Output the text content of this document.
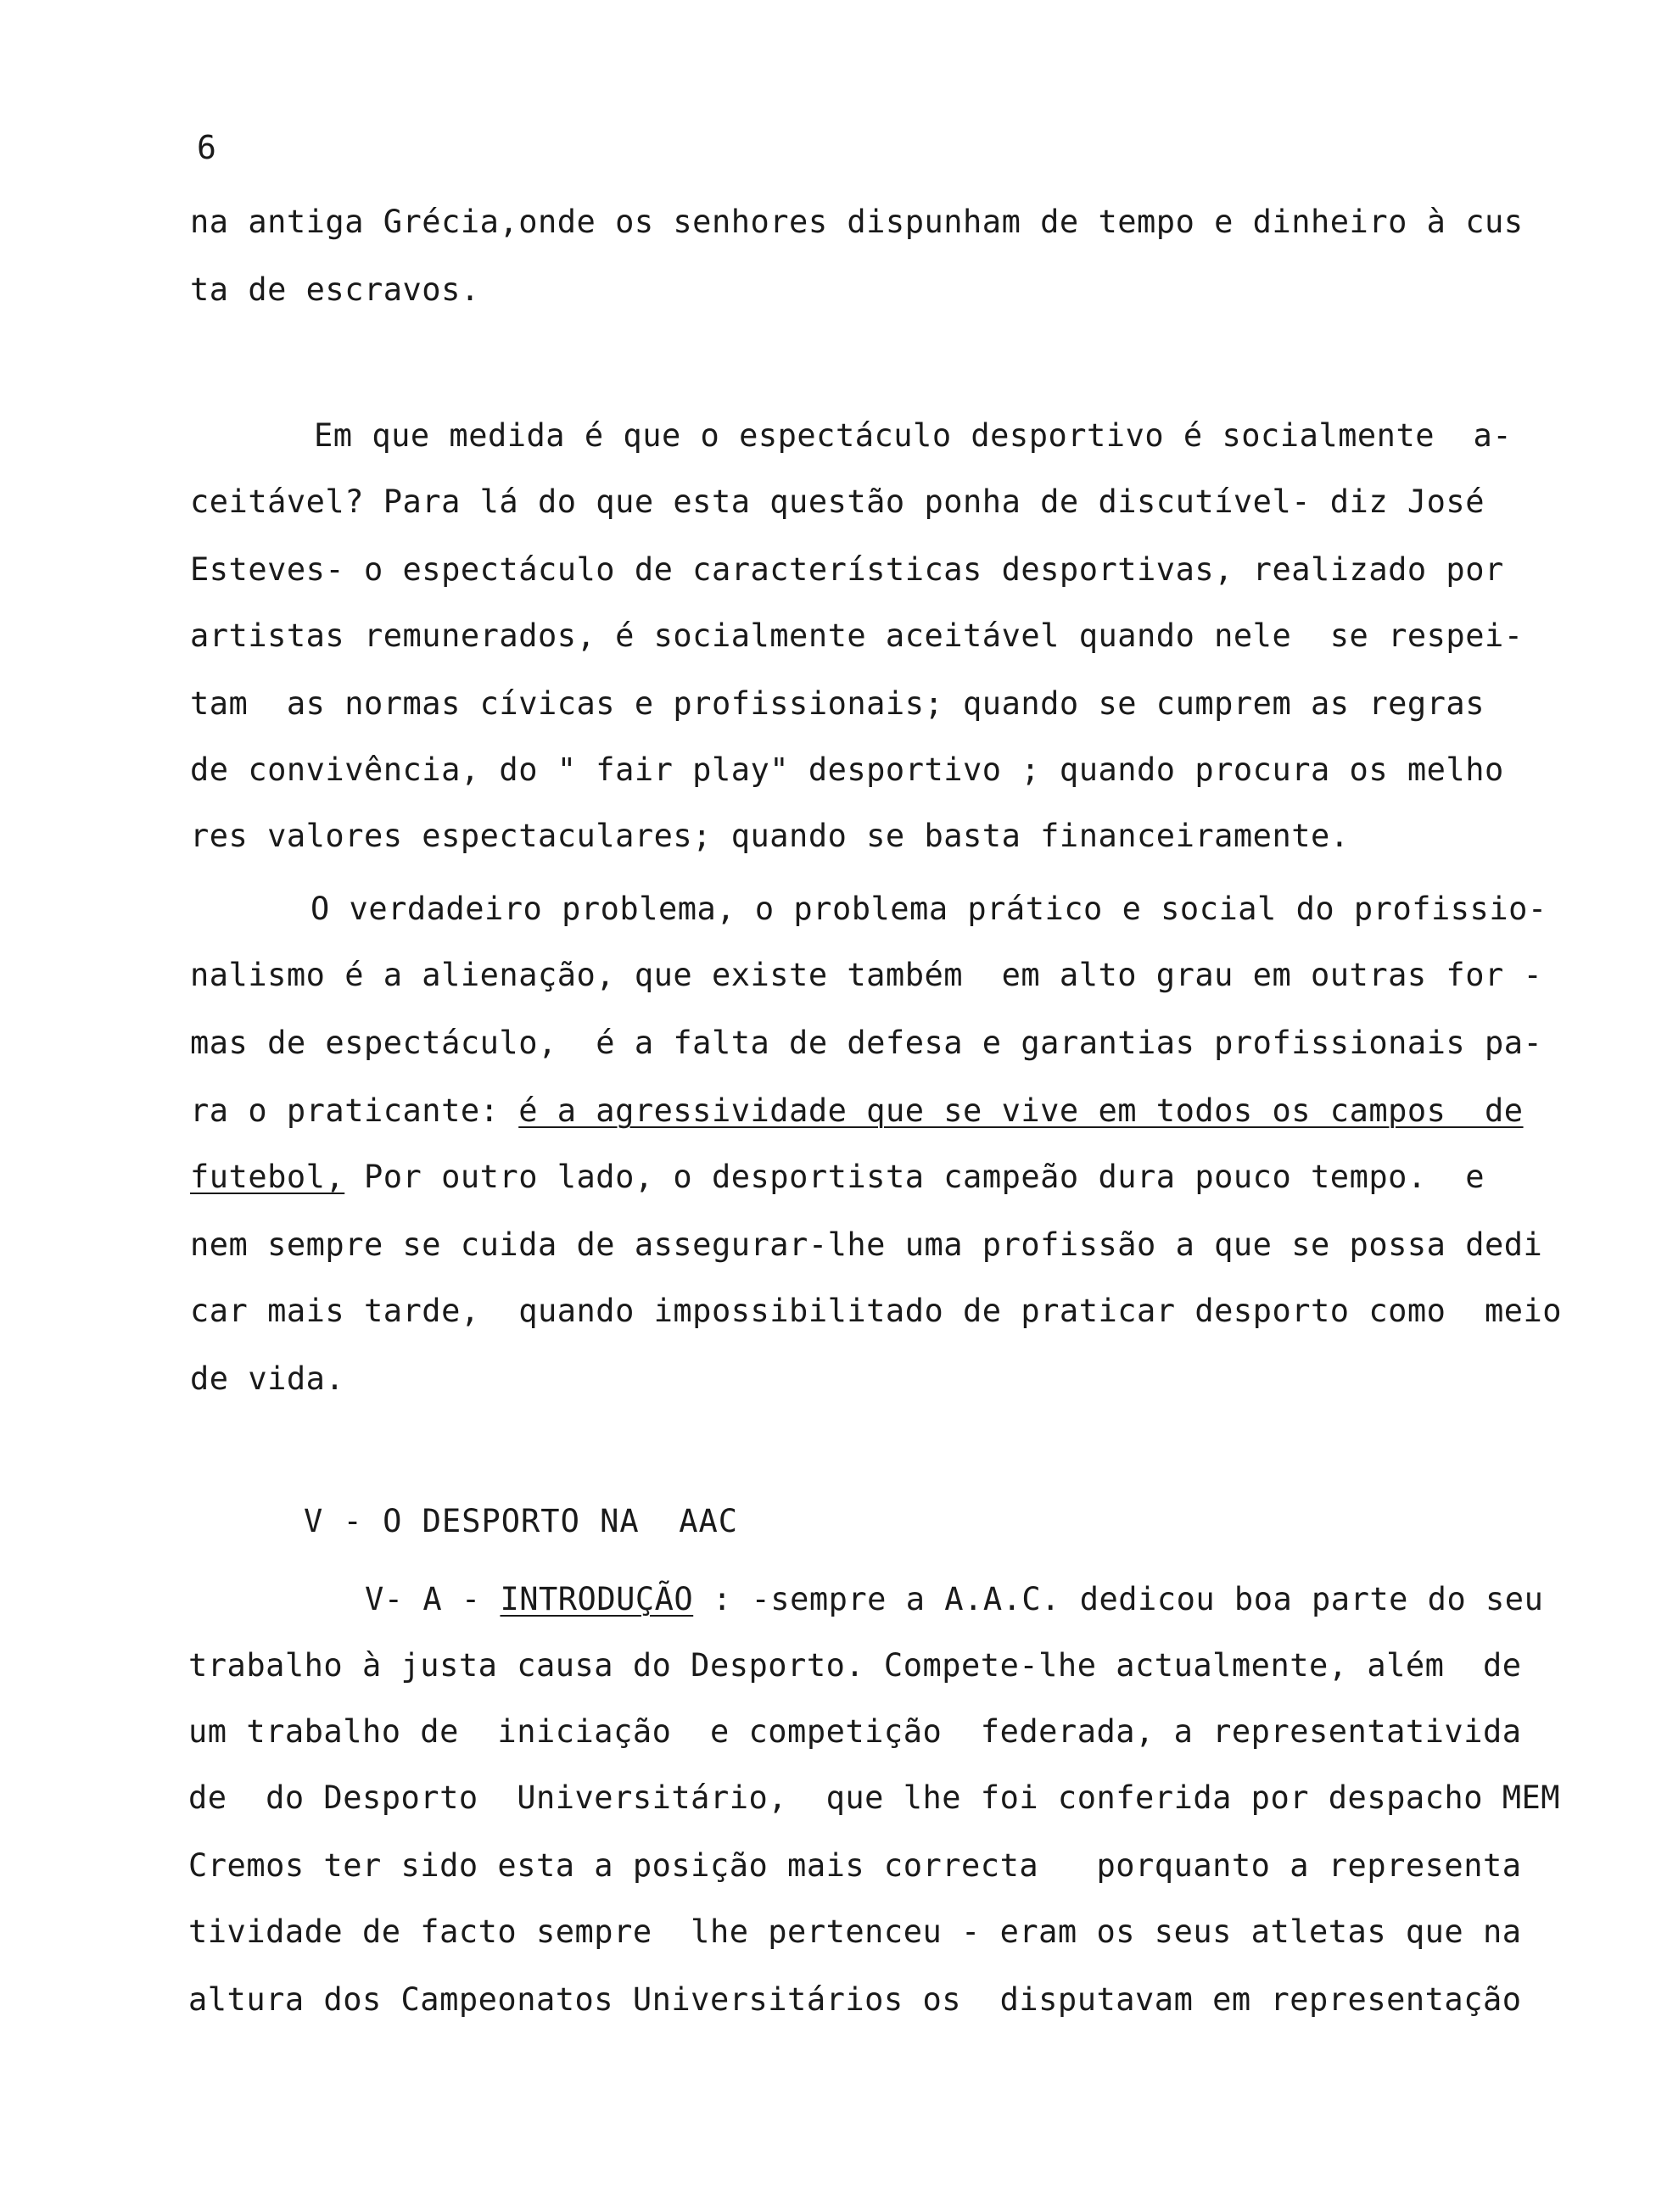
6
na antiga Grécia,onde os senhores dispunham de tempo e dinheiro à cus
ta de escravos.
Em que medida é que o espectáculo desportivo é socialmente  a-
ceitável? Para lá do que esta questão ponha de discutível- diz José
Esteves- o espectáculo de características desportivas, realizado por
artistas remunerados, é socialmente aceitável quando nele  se respei-
tam  as normas cívicas e profissionais; quando se cumprem as regras
de convivência, do " fair play" desportivo ; quando procura os melho
res valores espectaculares; quando se basta financeiramente.
O verdadeiro problema, o problema prático e social do profissio-
nalismo é a alienação, que existe também  em alto grau em outras for -
mas de espectáculo,  é a falta de defesa e garantias profissionais pa-
ra o praticante: é a agressividade que se vive em todos os campos  de
futebol, Por outro lado, o desportista campeão dura pouco tempo.  e
nem sempre se cuida de assegurar-lhe uma profissão a que se possa dedi
car mais tarde,  quando impossibilitado de praticar desporto como  meio
de vida.
V - O DESPORTO NA  AAC
V- A - INTRODUÇÃO : -sempre a A.A.C. dedicou boa parte do seu
trabalho à justa causa do Desporto. Compete-lhe actualmente, além  de
um trabalho de  iniciação  e competição  federada, a representativida
de  do Desporto  Universitário,  que lhe foi conferida por despacho MEM
Cremos ter sido esta a posição mais correcta   porquanto a representa
tividade de facto sempre  lhe pertenceu - eram os seus atletas que na
altura dos Campeonatos Universitários os  disputavam em representação
